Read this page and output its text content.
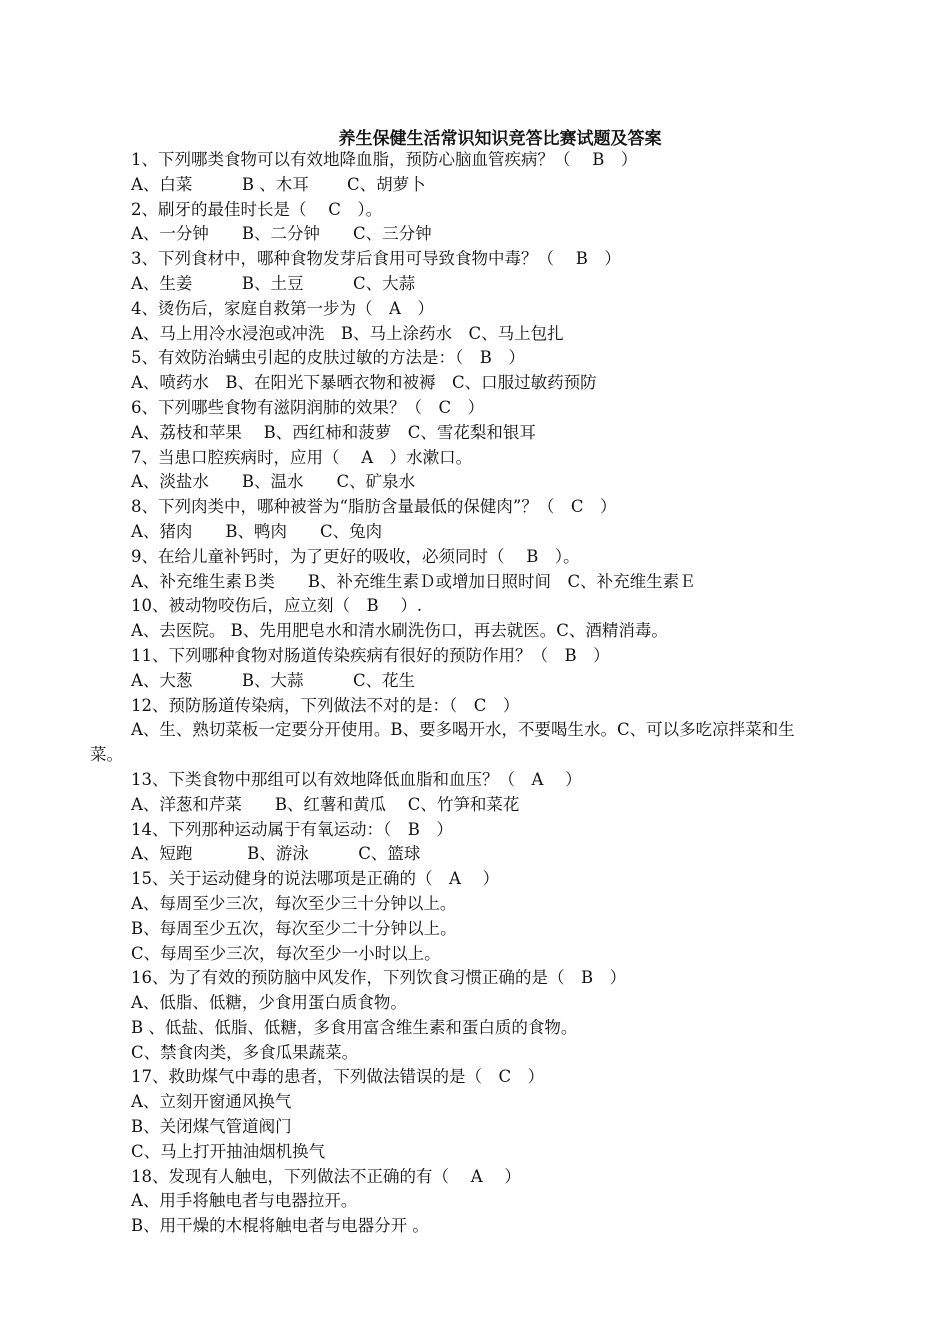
养生保健生活常识知识竞答比赛试题及答案
1、下列哪类食物可以有效地降血脂，预防心脑血管疾病？（　 B　）
A、白菜　　　B 、木耳　　 C、胡萝卜
2、刷牙的最佳时长是（　 C　）。
A、一分钟　　B、二分钟　　C、三分钟
3、下列食材中，哪种食物发芽后食用可导致食物中毒？（　 B　）
A、生姜　　　B、土豆　　　C、大蒜
4、烫伤后，家庭自救第一步为（　A　）
A、马上用冷水浸泡或冲洗　B、马上涂药水　C、马上包扎
5、有效防治螨虫引起的皮肤过敏的方法是：（　B　）
A、喷药水　B、在阳光下暴晒衣物和被褥　C、口服过敏药预防
6、下列哪些食物有滋阴润肺的效果？（　C　）
A、荔枝和苹果　 B、西红柿和菠萝　C、雪花梨和银耳
7、当患口腔疾病时，应用（　 A　）水漱口。
A、淡盐水　　B、温水　　C、矿泉水
8、下列肉类中，哪种被誉为“脂肪含量最低的保健肉”？（　C　）
A、猪肉　　B、鸭肉　　C、兔肉
9、在给儿童补钙时，为了更好的吸收，必须同时（　 B　）。
A、补充维生素Ｂ类　　B、补充维生素Ｄ或增加日照时间　C、补充维生素Ｅ
10、被动物咬伤后，应立刻（　B　 ）.
A、去医院。 B、先用肥皂水和清水刷洗伤口，再去就医。C、酒精消毒。
11、下列哪种食物对肠道传染疾病有很好的预防作用？（　B　）
A、大葱　　　B、大蒜　　　C、花生
12、预防肠道传染病，下列做法不对的是：（　C　）
A、生、熟切菜板一定要分开使用。B、要多喝开水，不要喝生水。C、可以多吃凉拌菜和生
菜。
13、下类食物中那组可以有效地降低血脂和血压？（　A　 ）
A、洋葱和芹菜　　B、红薯和黄瓜　 C、竹笋和菜花
14、下列那种运动属于有氧运动：（　B　）
A、短跑　　　 B、游泳　　　C、篮球
15、关于运动健身的说法哪项是正确的（　A　 ）
A、每周至少三次，每次至少三十分钟以上。
B、每周至少五次，每次至少二十分钟以上。
C、每周至少三次，每次至少一小时以上。
16、为了有效的预防脑中风发作，下列饮食习惯正确的是（　B　）
A、低脂、低糖，少食用蛋白质食物。
B 、低盐、低脂、低糖，多食用富含维生素和蛋白质的食物。
C、禁食肉类，多食瓜果蔬菜。
17、救助煤气中毒的患者，下列做法错误的是（　C　）
A、立刻开窗通风换气
B、关闭煤气管道阀门
C、马上打开抽油烟机换气
18、发现有人触电，下列做法不正确的有（　 A　 ）
A、用手将触电者与电器拉开。
B、用干燥的木棍将触电者与电器分开 。
